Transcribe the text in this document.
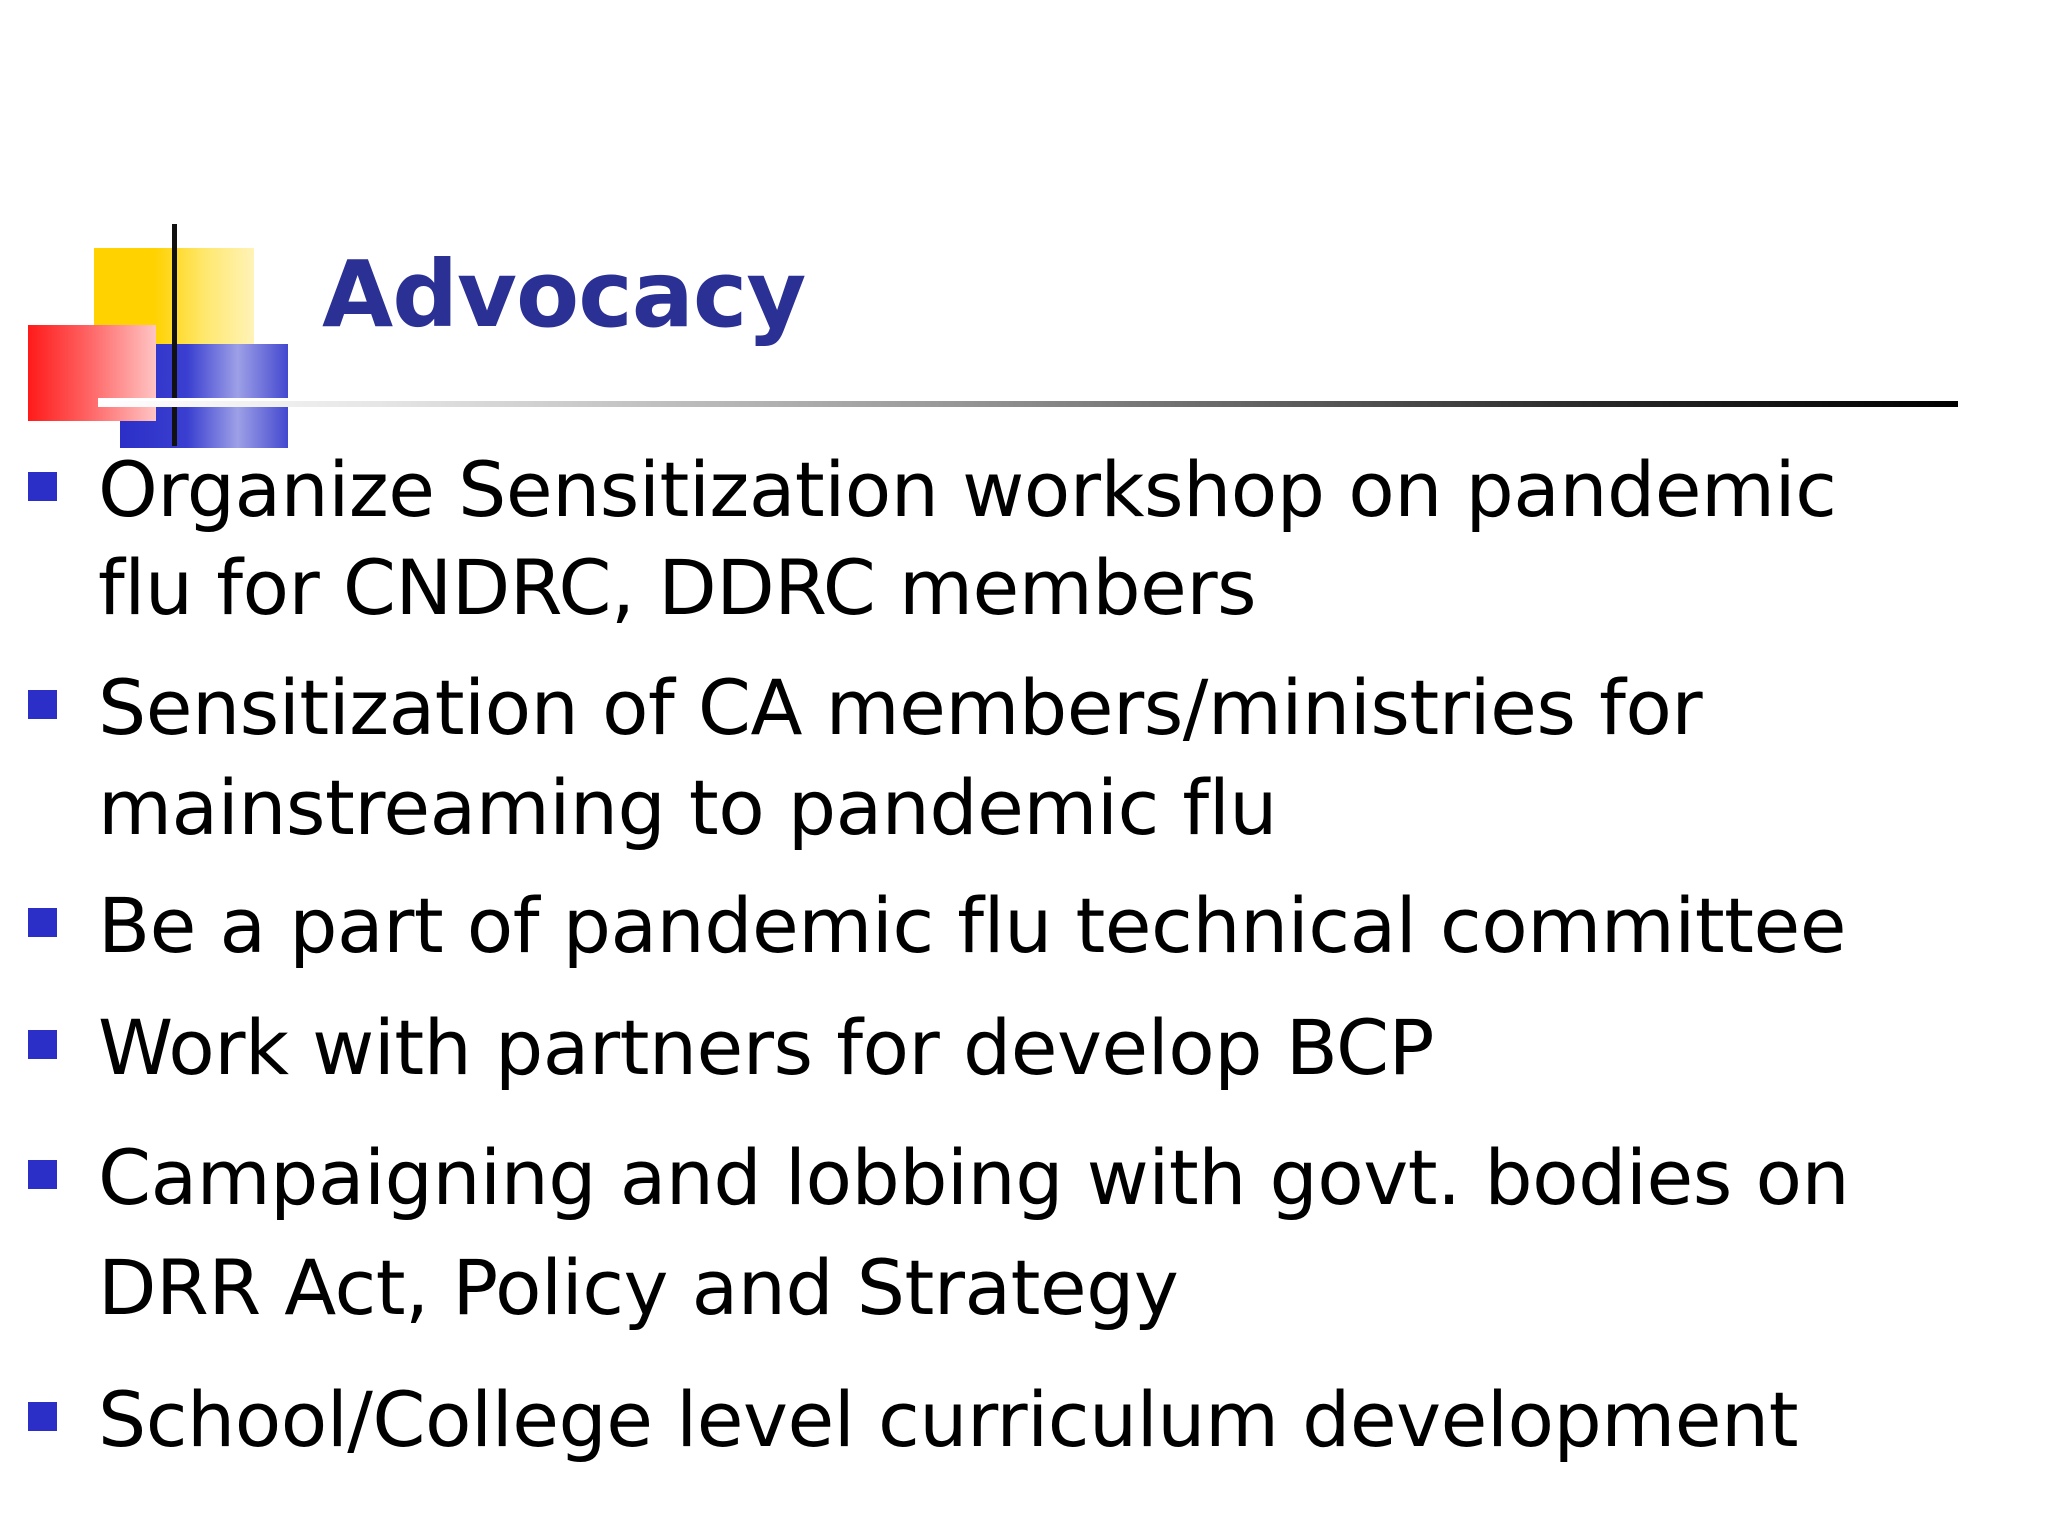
Advocacy
Organize Sensitization workshop on pandemic
flu for CNDRC, DDRC members
Sensitization of CA members/ministries for
mainstreaming to pandemic flu
Be a part of pandemic flu technical committee
Work with partners for develop BCP
Campaigning and lobbing with govt. bodies on
DRR Act, Policy and Strategy
School/College level curriculum development
